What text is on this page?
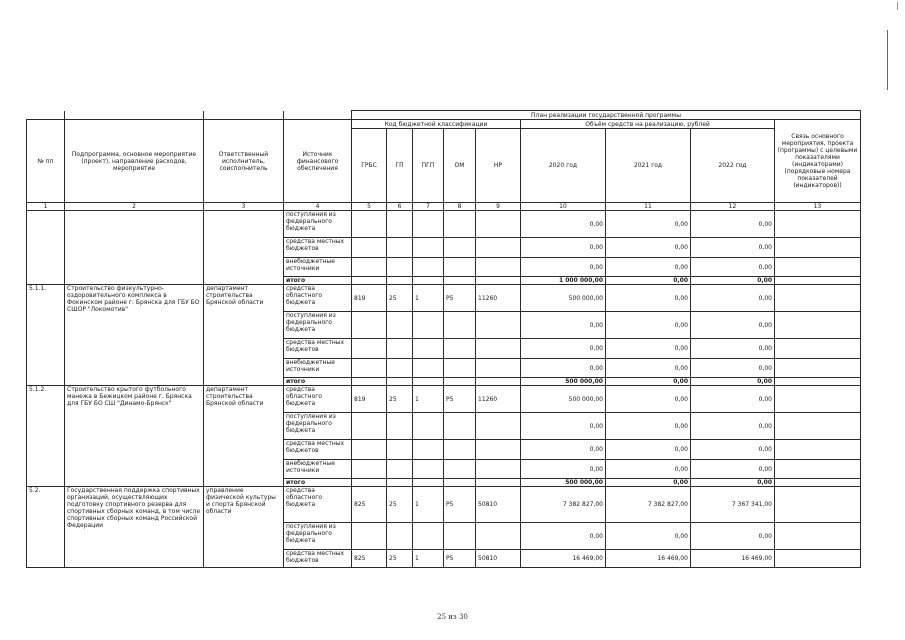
				План реализации государственной программы								
№ пп	Подпрограмма, основное мероприятие (проект), направление расходов, мероприятие	Ответственный исполнитель, соисполнитель	Источник финансового обеспечения	Код бюджетной классификации					Объём средств на реализацию, рублей			Связь основного мероприятия, проекта (программы) с целевыми показателями (индикаторами) (порядковые номера показателей (индикаторов))
				ГРБС	ГП	ПГП	ОМ	НР	2020 год	2021 год	2022 год	
1	2	3	4	5	6	7	8	9	10	11	12	13
			поступления из федерального бюджета						0,00	0,00	0,00	
			средства местных бюджетов						0,00	0,00	0,00	
			внебюджетные источники						0,00	0,00	0,00	
			итого						1 000 000,00	0,00	0,00	
5.1.1.	Строительство физкультурно-оздоровительного комплекса в Фокинском районе г. Брянска для ГБУ БО СШОР "Локомотив"	департамент строительства Брянской области	средства областного бюджета	819	25	1	Р5	11260	500 000,00	0,00	0,00	
			поступления из федерального бюджета						0,00	0,00	0,00	
			средства местных бюджетов						0,00	0,00	0,00	
			внебюджетные источники						0,00	0,00	0,00	
			итого						500 000,00	0,00	0,00	
5.1.2.	Строительство крытого футбольного манежа в Бежицком районе г. Брянска для ГБУ БО СШ "Динамо-Брянск"	департамент строительства Брянской области	средства областного бюджета	819	25	1	Р5	11260	500 000,00	0,00	0,00	
			поступления из федерального бюджета						0,00	0,00	0,00	
			средства местных бюджетов						0,00	0,00	0,00	
			внебюджетные источники						0,00	0,00	0,00	
			итого						500 000,00	0,00	0,00	
5.2.	Государственная поддержка спортивных организаций, осуществляющих подготовку спортивного резерва для спортивных сборных команд, в том числе спортивных сборных команд Российской Федерации	управление физической культуры и спорта Брянской области	средства областного бюджета	825	25	1	Р5	50810	7 382 827,00	7 382 827,00	7 367 341,00	
			поступления из федерального бюджета						0,00	0,00	0,00	
			средства местных бюджетов	825	25	1	Р5	50810	16 469,00	16 469,00	16 469,00	
25 из 30
